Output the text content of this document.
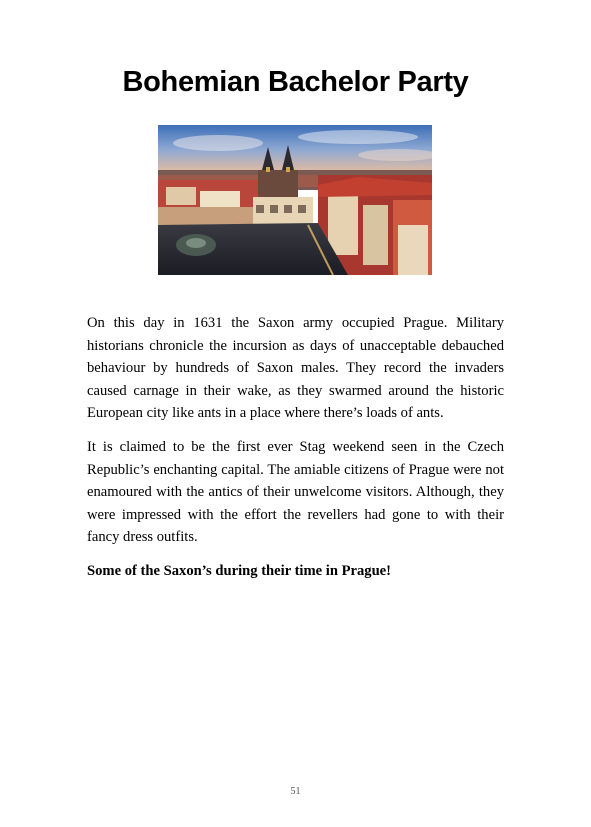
Bohemian Bachelor Party

On this day in 1631 the Saxon army occupied Prague. Military historians chronicle the incursion as days of unacceptable debauched behaviour by hundreds of Saxon males. They record the invaders caused carnage in their wake, as they swarmed around the historic European city like ants in a place where there’s loads of ants.

It is claimed to be the first ever Stag weekend seen in the Czech Republic’s enchanting capital. The amiable citizens of Prague were not enamoured with the antics of their unwelcome visitors. Although, they were impressed with the effort the revellers had gone to with their fancy dress outfits.

Some of the Saxon’s during their time in Prague!

51
